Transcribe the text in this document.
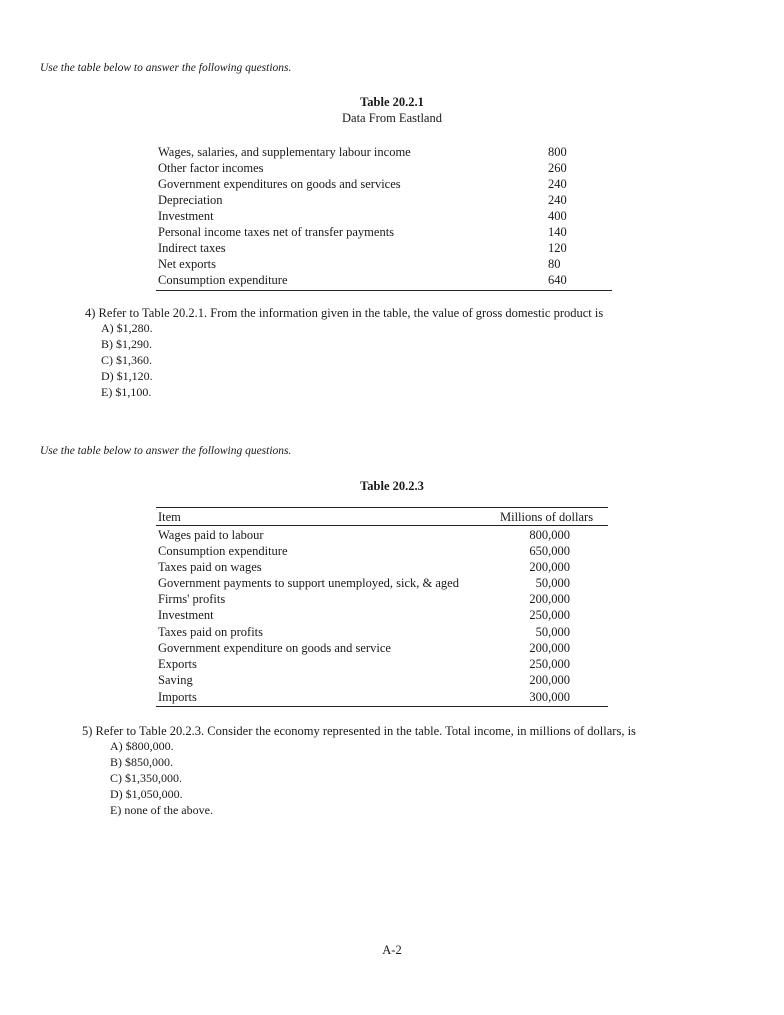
Use the table below to answer the following questions.
Table 20.2.1
Data From Eastland
Wages, salaries, and supplementary labour income	800
Other factor incomes	260
Government expenditures on goods and services	240
Depreciation	240
Investment	400
Personal income taxes net of transfer payments	140
Indirect taxes	120
Net exports	80
Consumption expenditure	640
4) Refer to Table 20.2.1. From the information given in the table, the value of gross domestic product is
A) $1,280.
B) $1,290.
C) $1,360.
D) $1,120.
E) $1,100.
Use the table below to answer the following questions.
Table 20.2.3
Item	Millions of dollars
Wages paid to labour	800,000
Consumption expenditure	650,000
Taxes paid on wages	200,000
Government payments to support unemployed, sick, & aged	50,000
Firms' profits	200,000
Investment	250,000
Taxes paid on profits	50,000
Government expenditure on goods and service	200,000
Exports	250,000
Saving	200,000
Imports	300,000
5) Refer to Table 20.2.3. Consider the economy represented in the table. Total income, in millions of dollars, is
A) $800,000.
B) $850,000.
C) $1,350,000.
D) $1,050,000.
E) none of the above.
A-2
